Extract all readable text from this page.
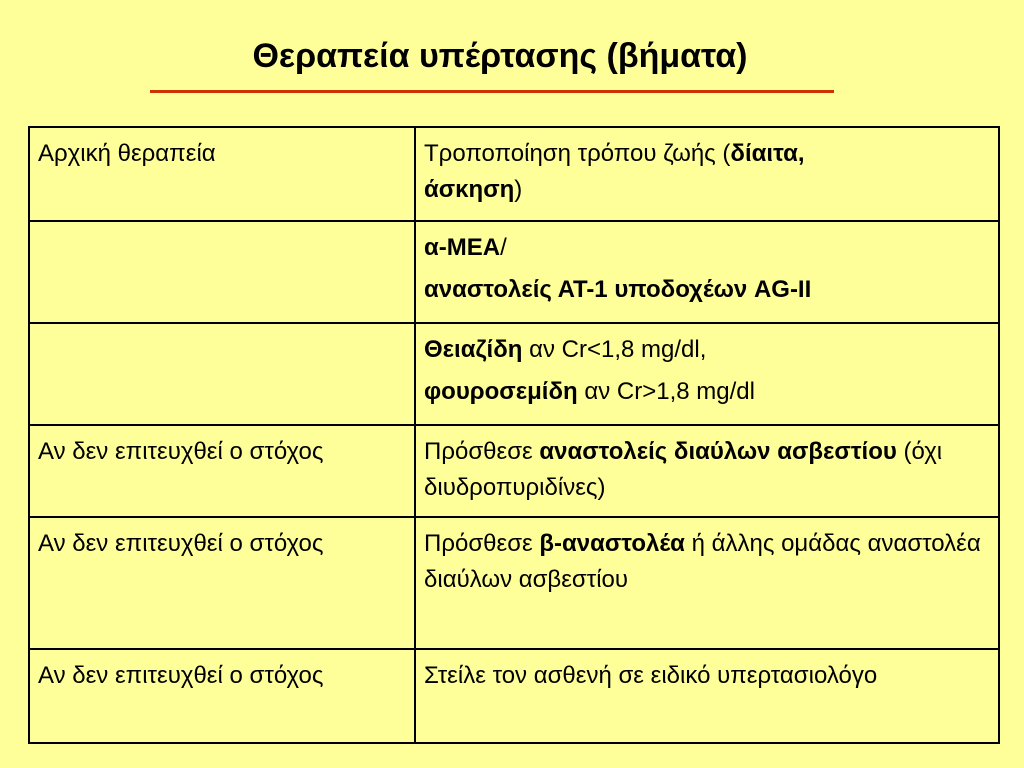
Θεραπεία υπέρτασης (βήματα)
Αρχική θεραπεία	Τροποποίηση τρόπου ζωής (δίαιτα,
άσκηση)

	α-ΜΕΑ/
αναστολείς ΑΤ-1 υποδοχέων AG-II

	Θειαζίδη αν Cr<1,8 mg/dl,
φουροσεμίδη αν Cr>1,8 mg/dl

Αν δεν επιτευχθεί ο στόχος	Πρόσθεσε αναστολείς διαύλων ασβεστίου (όχι διυδροπυριδίνες)
Αν δεν επιτευχθεί ο στόχος	Πρόσθεσε β-αναστολέα ή άλλης ομάδας αναστολέα διαύλων ασβεστίου
Αν δεν επιτευχθεί ο στόχος	Στείλε τον ασθενή σε ειδικό υπερτασιολόγο
